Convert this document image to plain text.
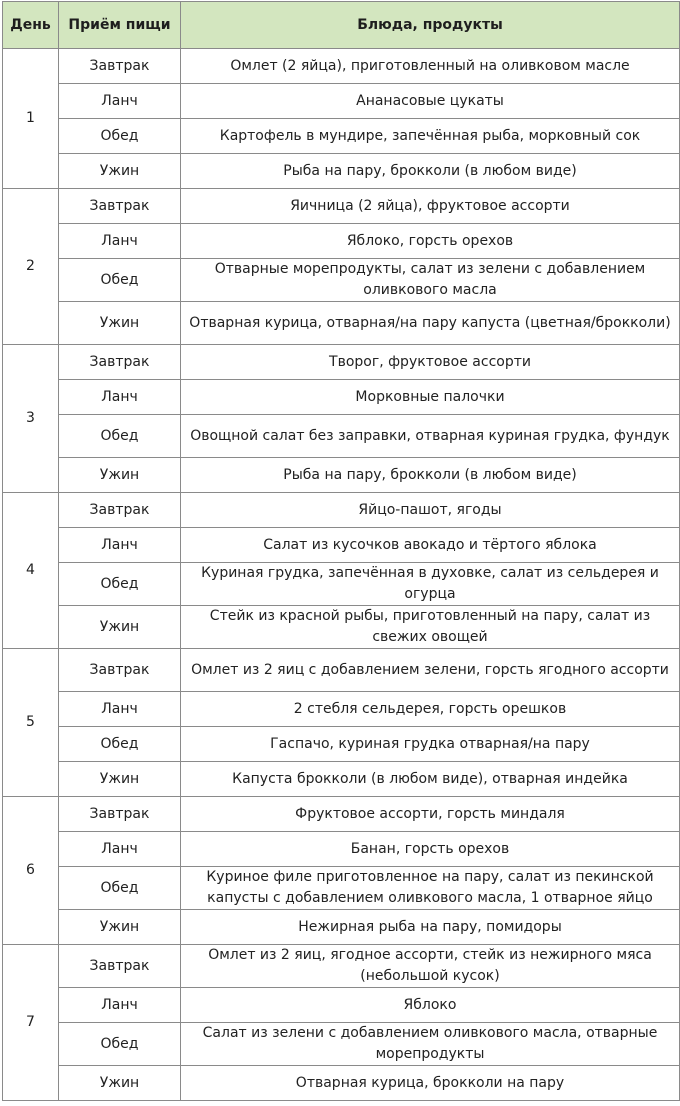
День	Приём пищи	Блюда, продукты
1	Завтрак	Омлет (2 яйца), приготовленный на оливковом масле
	Ланч	Ананасовые цукаты
	Обед	Картофель в мундире, запечённая рыба, морковный сок
	Ужин	Рыба на пару, брокколи (в любом виде)
2	Завтрак	Яичница (2 яйца), фруктовое ассорти
	Ланч	Яблоко, горсть орехов
	Обед	Отварные морепродукты, салат из зелени с добавлением оливкового масла
	Ужин	Отварная курица, отварная/на пару капуста (цветная/брокколи)
3	Завтрак	Творог, фруктовое ассорти
	Ланч	Морковные палочки
	Обед	Овощной салат без заправки, отварная куриная грудка, фундук
	Ужин	Рыба на пару, брокколи (в любом виде)
4	Завтрак	Яйцо-пашот, ягоды
	Ланч	Салат из кусочков авокадо и тёртого яблока
	Обед	Куриная грудка, запечённая в духовке, салат из сельдерея и огурца
	Ужин	Стейк из красной рыбы, приготовленный на пару, салат из свежих овощей
5	Завтрак	Омлет из 2 яиц с добавлением зелени, горсть ягодного ассорти
	Ланч	2 стебля сельдерея, горсть орешков
	Обед	Гаспачо, куриная грудка отварная/на пару
	Ужин	Капуста брокколи (в любом виде), отварная индейка
6	Завтрак	Фруктовое ассорти, горсть миндаля
	Ланч	Банан, горсть орехов
	Обед	Куриное филе приготовленное на пару, салат из пекинской капусты с добавлением оливкового масла, 1 отварное яйцо
	Ужин	Нежирная рыба на пару, помидоры
7	Завтрак	Омлет из 2 яиц, ягодное ассорти, стейк из нежирного мяса (небольшой кусок)
	Ланч	Яблоко
	Обед	Салат из зелени с добавлением оливкового масла, отварные морепродукты
	Ужин	Отварная курица, брокколи на пару
